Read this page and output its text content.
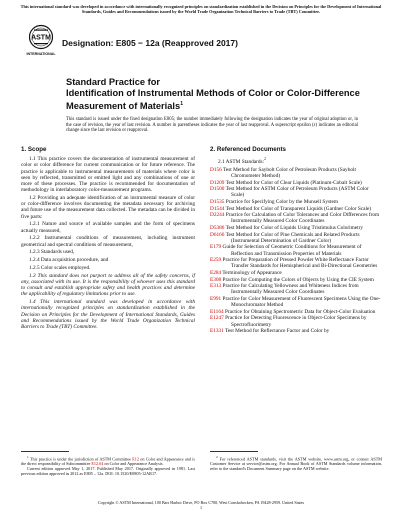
This international standard was developed in accordance with internationally recognized principles on standardization established in the Decision on Principles for the Development of International Standards, Guides and Recommendations issued by the World Trade Organization Technical Barriers to Trade (TBT) Committee.
ASTM
INTERNATIONAL
Designation: E805 − 12a (Reapproved 2017)
Standard Practice for
Identification of Instrumental Methods of Color or Color-Difference Measurement of Materials$^1$
This standard is issued under the fixed designation E805; the number immediately following the designation indicates the year of original adoption or, in the case of revision, the year of last revision. A number in parentheses indicates the year of last reapproval. A superscript epsilon (ε) indicates an editorial change since the last revision or reapproval.
1. Scope
1.1 This practice covers the documentation of instrumental measurement of color or color difference for current communication or for future reference. The practice is applicable to instrumental measurements of materials where color is seen by reflected, transmitted or emitted light and any combinations of one or more of these processes. The practice is recommended for documentation of methodology in interlaboratory color-measurement programs.
1.2 Providing an adequate identification of an instrumental measure of color or color-difference involves documenting the metadata necessary for archiving and future use of the measurement data collected. The metadata can be divided in five parts:
1.2.1 Nature and source of available samples and the form of specimens actually measured,
1.2.2 Instrumental conditions of measurement, including instrument geometrical and spectral conditions of measurement,
1.2.3 Standards used,
1.2.4 Data acquisition procedure, and
1.2.5 Color scales employed.
1.3 This standard does not purport to address all of the safety concerns, if any, associated with its use. It is the responsibility of whoever uses this standard to consult and establish appropriate safety and health practices and determine the applicability of regulatory limitations prior to use.
1.4 This international standard was developed in accordance with internationally recognized principles on standardization established in the Decision on Principles for the Development of International Standards, Guides and Recommendations issued by the World Trade Organization Technical Barriers to Trade (TBT) Committee.
2. Referenced Documents
2.1 ASTM Standards:$^2$
D156 Test Method for Saybolt Color of Petroleum Products (Saybolt Chromometer Method)
D1209 Test Method for Color of Clear Liquids (Platinum-Cobalt Scale)
D1500 Test Method for ASTM Color of Petroleum Products (ASTM Color Scale)
D1535 Practice for Specifying Color by the Munsell System
D1544 Test Method for Color of Transparent Liquids (Gardner Color Scale)
D2244 Practice for Calculation of Color Tolerances and Color Differences from Instrumentally Measured Color Coordinates
D5386 Test Method for Color of Liquids Using Tristimulus Colorimetry
D6166 Test Method for Color of Pine Chemicals and Related Products (Instrumental Determination of Gardner Color)
E179 Guide for Selection of Geometric Conditions for Measurement of Reflection and Transmission Properties of Materials
E259 Practice for Preparation of Pressed Powder White Reflectance Factor Transfer Standards for Hemispherical and Bi-Directional Geometries
E284 Terminology of Appearance
E308 Practice for Computing the Colors of Objects by Using the CIE System
E313 Practice for Calculating Yellowness and Whiteness Indices from Instrumentally Measured Color Coordinates
E991 Practice for Color Measurement of Fluorescent Specimens Using the One-Monochromator Method
E1164 Practice for Obtaining Spectrometric Data for Object-Color Evaluation
E1247 Practice for Detecting Fluorescence in Object-Color Specimens by Spectrofluorimetry
E1331 Test Method for Reflectance Factor and Color by
$^1$ This practice is under the jurisdiction of ASTM Committee E12 on Color and Appearance and is the direct responsibility of Subcommittee E12.04 on Color and Appearance Analysis.
Current edition approved May 1, 2017. Published May 2017. Originally approved in 1981. Last previous edition approved in 2012 as E805 – 12a. DOI: 10.1520/E0805-12AR17.
$^2$ For referenced ASTM standards, visit the ASTM website, www.astm.org, or contact ASTM Customer Service at service@astm.org. For Annual Book of ASTM Standards volume information, refer to the standard's Document Summary page on the ASTM website.
Copyright © ASTM International, 100 Barr Harbor Drive, PO Box C700, West Conshohocken, PA 19428-2959. United States
1
